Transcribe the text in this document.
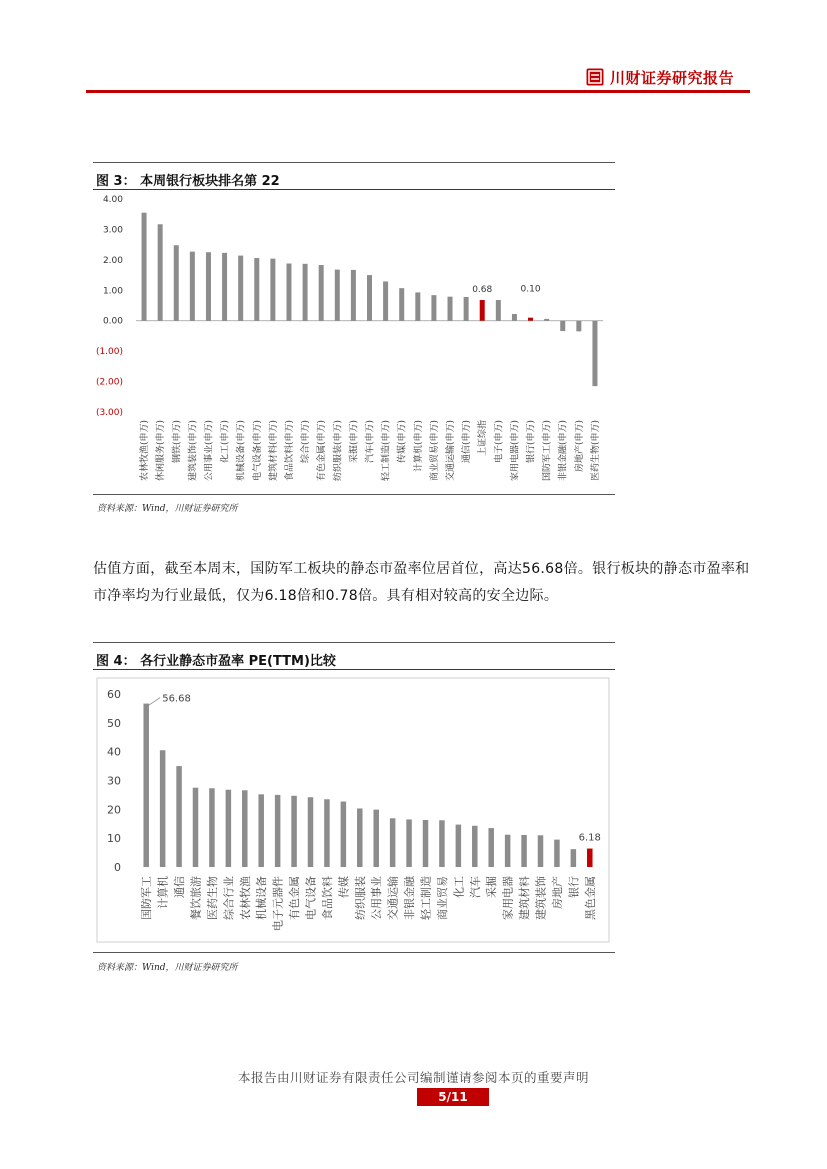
川财证券研究报告
图 3： 本周银行板块排名第 22
4.00
3.00
2.00
1.00
0.00
(1.00)
(2.00)
(3.00)
农林牧渔(申万) 休闲服务(申万) 钢铁(申万) 建筑装饰(申万) 公用事业(申万) 化工(申万) 机械设备(申万) 电气设备(申万) 建筑材料(申万) 食品饮料(申万) 综合(申万) 有色金属(申万) 纺织服装(申万) 采掘(申万) 汽车(申万) 轻工制造(申万) 传媒(申万) 计算机(申万) 商业贸易(申万) 交通运输(申万) 通信(申万)
0.68
上证综指 电子(申万) 家用电器(申万)
0.10
银行(申万) 国防军工(申万) 非银金融(申万) 房地产(申万) 医药生物(申万)
资料来源：Wind，川财证券研究所
估值方面，截至本周末，国防军工板块的静态市盈率位居首位，高达56.68倍。银行板块的静态市盈率和市净率均为行业最低，仅为6.18倍和0.78倍。具有相对较高的安全边际。
图 4： 各行业静态市盈率 PE(TTM)比较
60
50
40
30
20
10
0
56.68
国防军工 计算机 通信 餐饮旅游 医药生物 综合行业 农林牧渔 机械设备 电子元器件 有色金属 电气设备 食品饮料 传媒 纺织服装 公用事业 交通运输 非银金融 轻工制造 商业贸易 化工 汽车 采掘 家用电器 建筑材料 建筑装饰 房地产 银行
6.18
黑色金属
资料来源：Wind，川财证券研究所
本报告由川财证券有限责任公司编制谨请参阅本页的重要声明
5/11
